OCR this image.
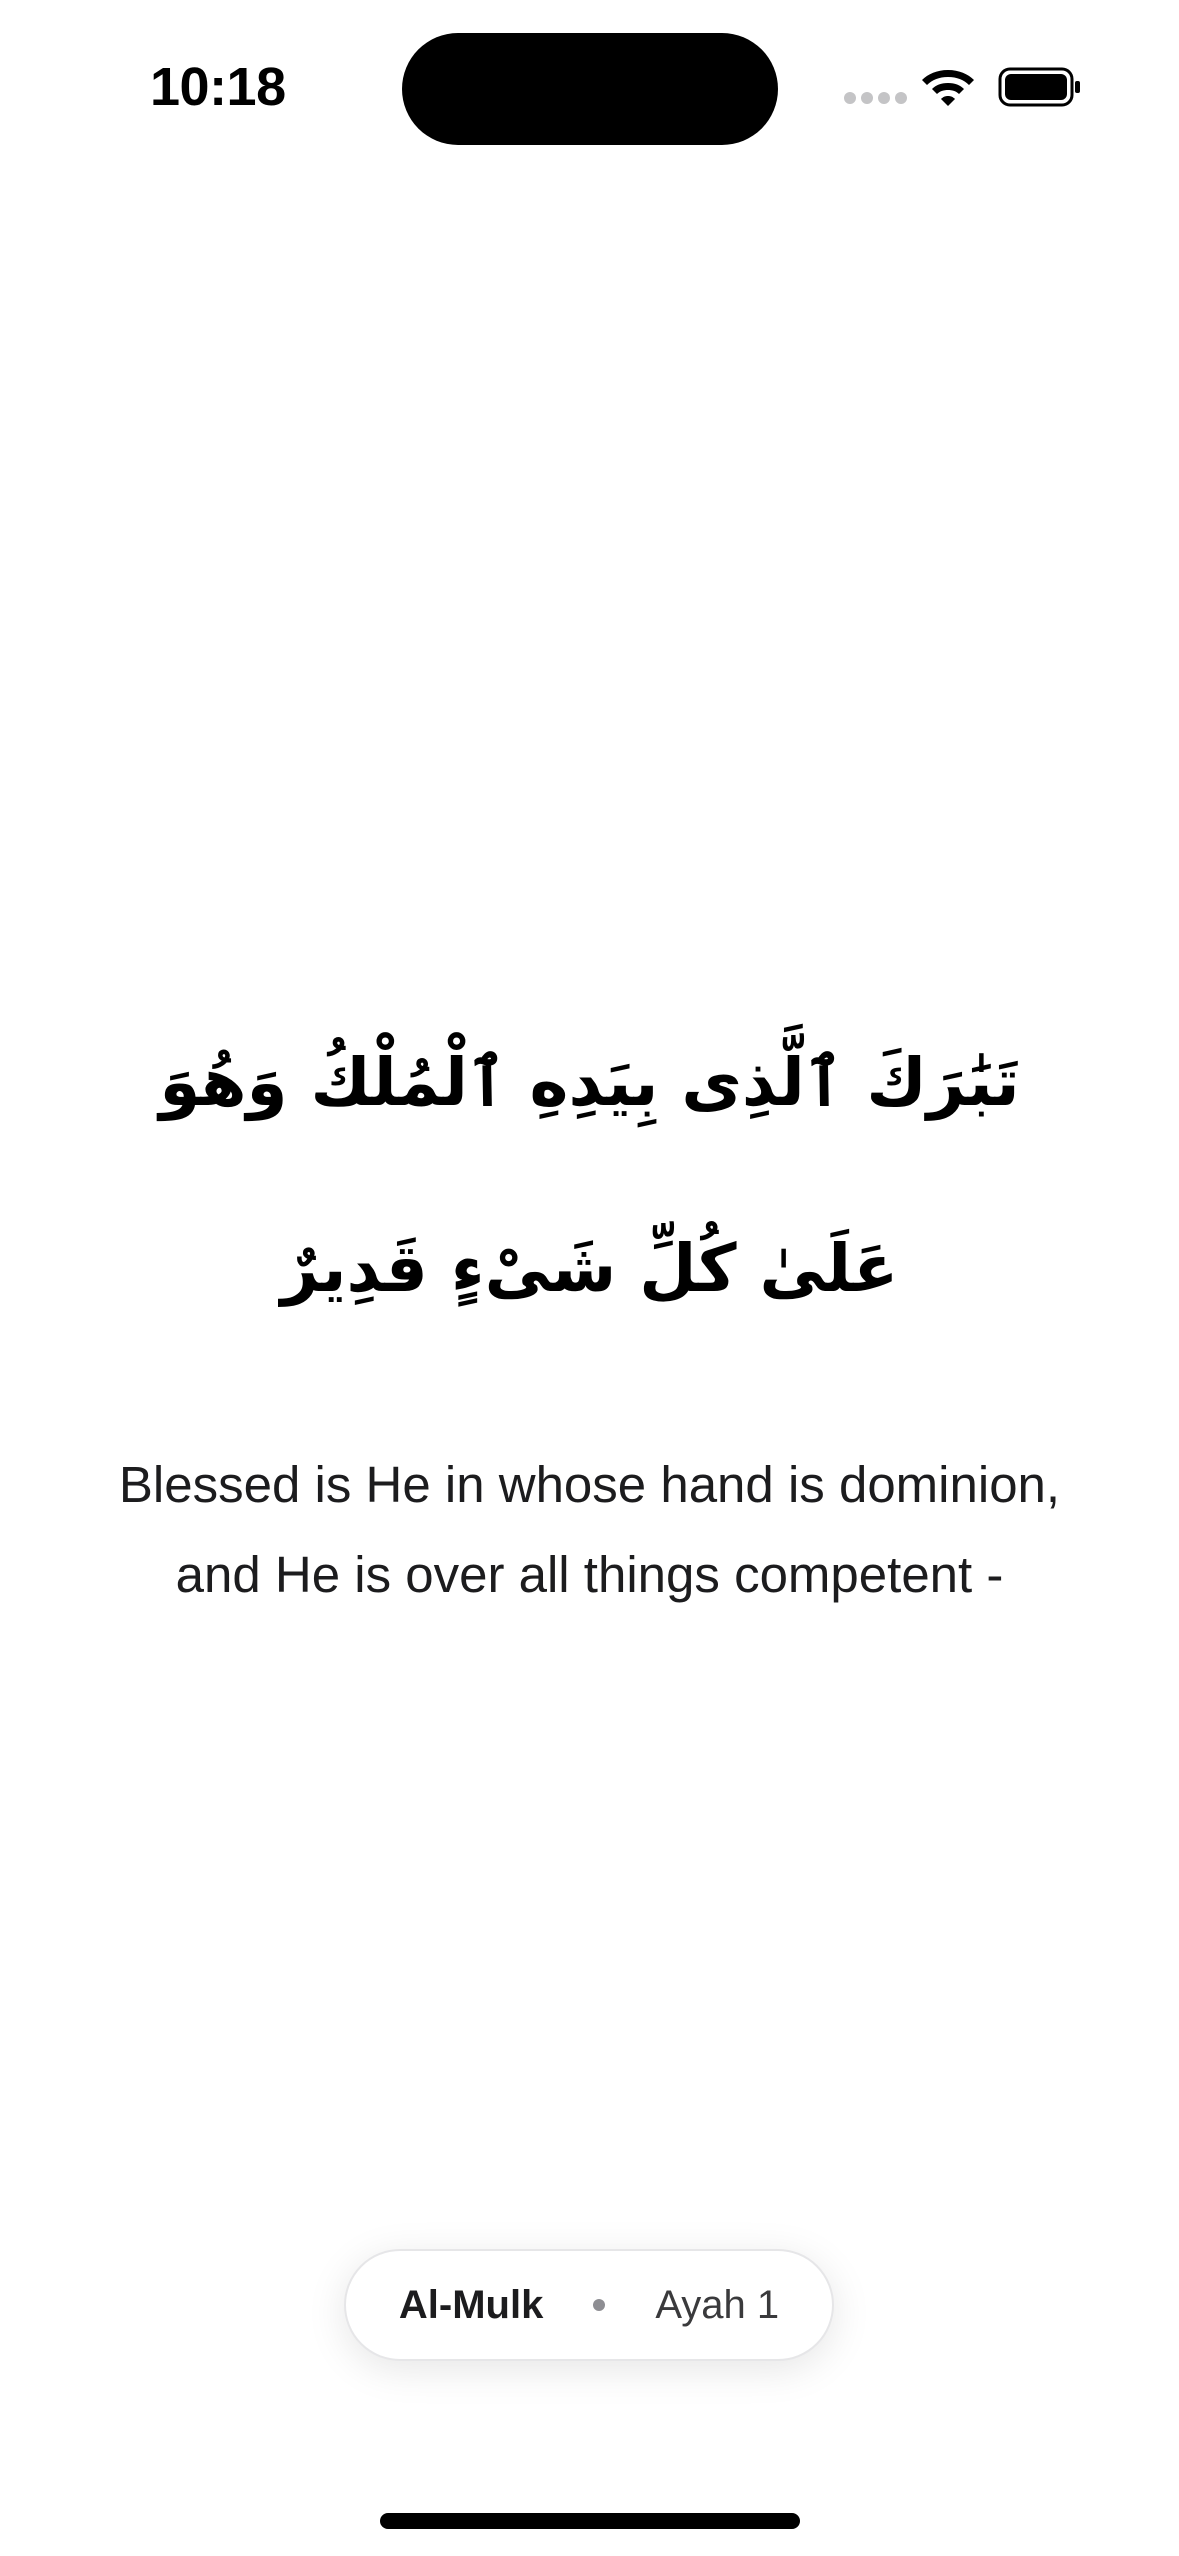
10:18
تَبَٰرَكَ ٱلَّذِى بِيَدِهِ ٱلْمُلْكُ وَهُوَ عَلَىٰ كُلِّ شَىْءٍ قَدِيرٌ
Blessed is He in whose hand is dominion, and He is over all things competent -
Al-Mulk	Ayah 1
